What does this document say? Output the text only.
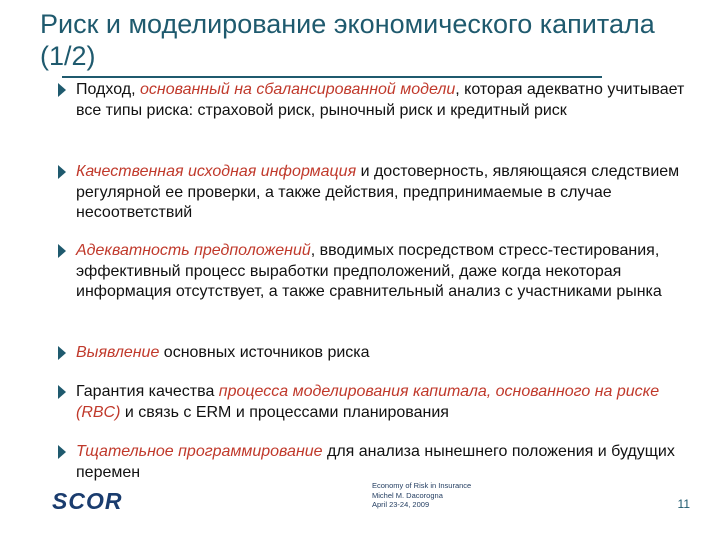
Риск и моделирование экономического капитала (1/2)
Подход, основанный на сбалансированной модели, которая адекватно учитывает все типы риска: страховой риск, рыночный риск и кредитный риск
Качественная исходная информация и достоверность, являющаяся следствием регулярной ее проверки, а также действия, предпринимаемые в случае несоответствий
Адекватность предположений, вводимых посредством стресс-тестирования, эффективный процесс выработки предположений, даже когда некоторая информация отсутствует, а также сравнительный анализ с участниками рынка
Выявление основных источников риска
Гарантия качества процесса моделирования капитала, основанного на риске (RBC) и связь с ERM и процессами планирования
Тщательное программирование для анализа нынешнего положения и будущих перемен
SCOR
Economy of Risk in Insurance
Michel M. Dacorogna
April 23-24, 2009	11
